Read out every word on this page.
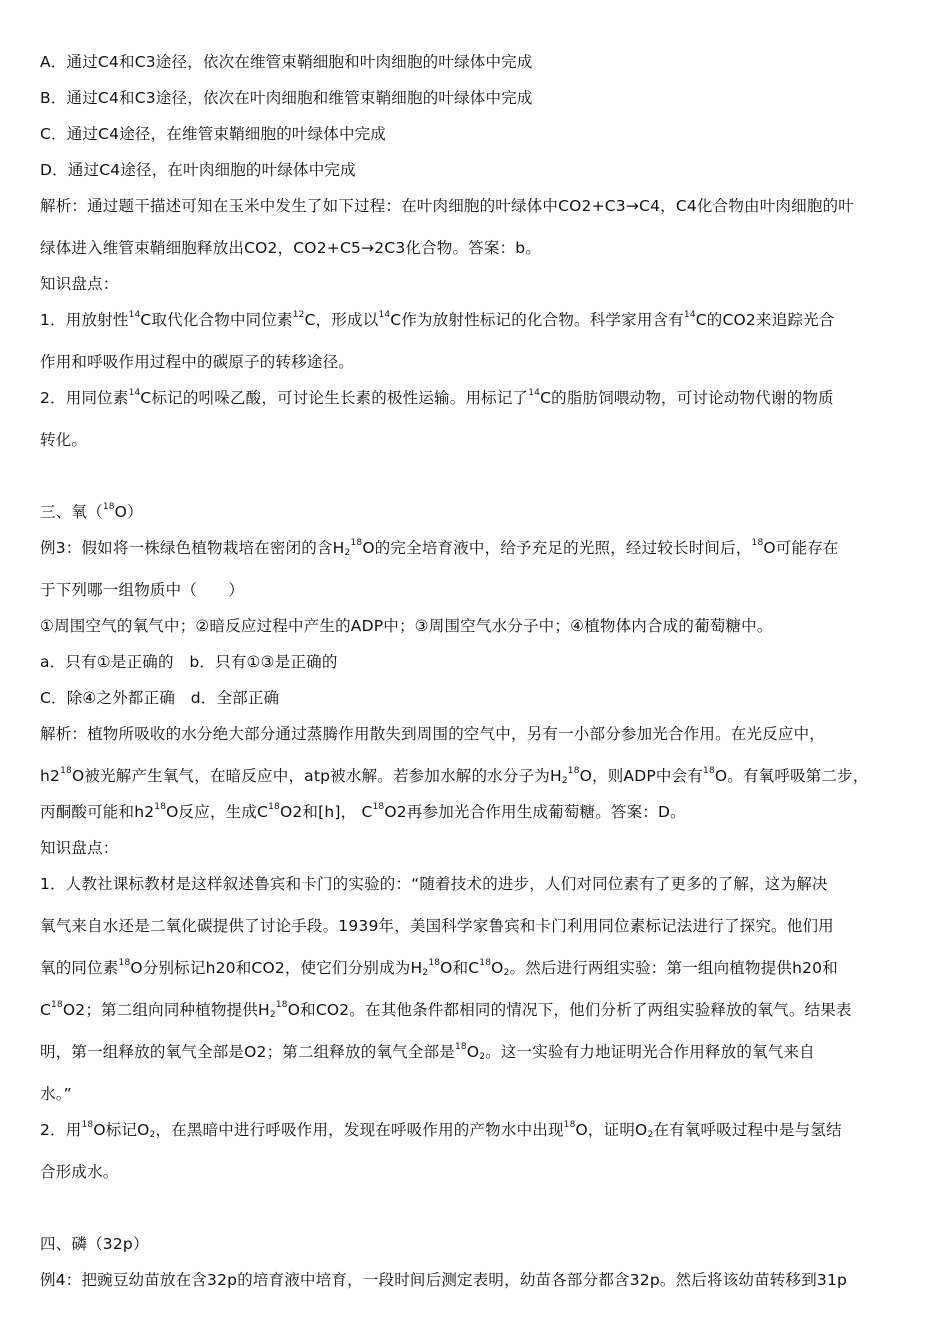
A．通过C4和C3途径，依次在维管束鞘细胞和叶肉细胞的叶绿体中完成
B．通过C4和C3途径，依次在叶肉细胞和维管束鞘细胞的叶绿体中完成
C．通过C4途径，在维管束鞘细胞的叶绿体中完成
D．通过C4途径，在叶肉细胞的叶绿体中完成
解析：通过题干描述可知在玉米中发生了如下过程：在叶肉细胞的叶绿体中CO2+C3→C4，C4化合物由叶肉细胞的叶
绿体进入维管束鞘细胞释放出CO2，CO2+C5→2C3化合物。答案：b。
知识盘点：
1．用放射性$^{14}$C取代化合物中同位素$^{12}$C，形成以$^{14}$C作为放射性标记的化合物。科学家用含有$^{14}$C的CO2来追踪光合
作用和呼吸作用过程中的碳原子的转移途径。
2．用同位素$^{14}$C标记的吲哚乙酸，可讨论生长素的极性运输。用标记了$^{14}$C的脂肪饲喂动物，可讨论动物代谢的物质
转化。
三、氧（$^{18}$O）
例3：假如将一株绿色植物栽培在密闭的含$H2^{18}O$的完全培育液中，给予充足的光照，经过较长时间后，$^{18}$O可能存在
于下列哪一组物质中（　　）
①周围空气的氧气中；②暗反应过程中产生的ADP中；③周围空气水分子中；④植物体内合成的葡萄糖中。
a．只有①是正确的　b．只有①③是正确的
C．除④之外都正确　d．全部正确
解析：植物所吸收的水分绝大部分通过蒸腾作用散失到周围的空气中，另有一小部分参加光合作用。在光反应中，
$h2^{18}O$被光解产生氧气，在暗反应中，atp被水解。若参加水解的水分子为$H2^{18}O$，则ADP中会有$^{18}$O。有氧呼吸第二步，
丙酮酸可能和$h2^{18}O$反应，生成$C^{18}O2$和[h]， $C^{18}O2$再参加光合作用生成葡萄糖。答案：D。
知识盘点：
1．人教社课标教材是这样叙述鲁宾和卡门的实验的：“随着技术的进步，人们对同位素有了更多的了解，这为解决
氧气来自水还是二氧化碳提供了讨论手段。1939年，美国科学家鲁宾和卡门利用同位素标记法进行了探究。他们用
氧的同位素$^{18}$O分别标记h20和CO2，使它们分别成为$H2^{18}O$和$C^{18}O2$。然后进行两组实验：第一组向植物提供h20和
$C^{18}O2$；第二组向同种植物提供$H2^{18}O$和CO2。在其他条件都相同的情况下，他们分析了两组实验释放的氧气。结果表
明，第一组释放的氧气全部是O2；第二组释放的氧气全部是$^{18}$O2。这一实验有力地证明光合作用释放的氧气来自
水。”
2．用$^{18}$O标记O2，在黑暗中进行呼吸作用，发现在呼吸作用的产物水中出现$^{18}$O，证明O2在有氧呼吸过程中是与氢结
合形成水。
四、磷（32p）
例4：把豌豆幼苗放在含32p的培育液中培育，一段时间后测定表明，幼苗各部分都含32p。然后将该幼苗转移到31p
